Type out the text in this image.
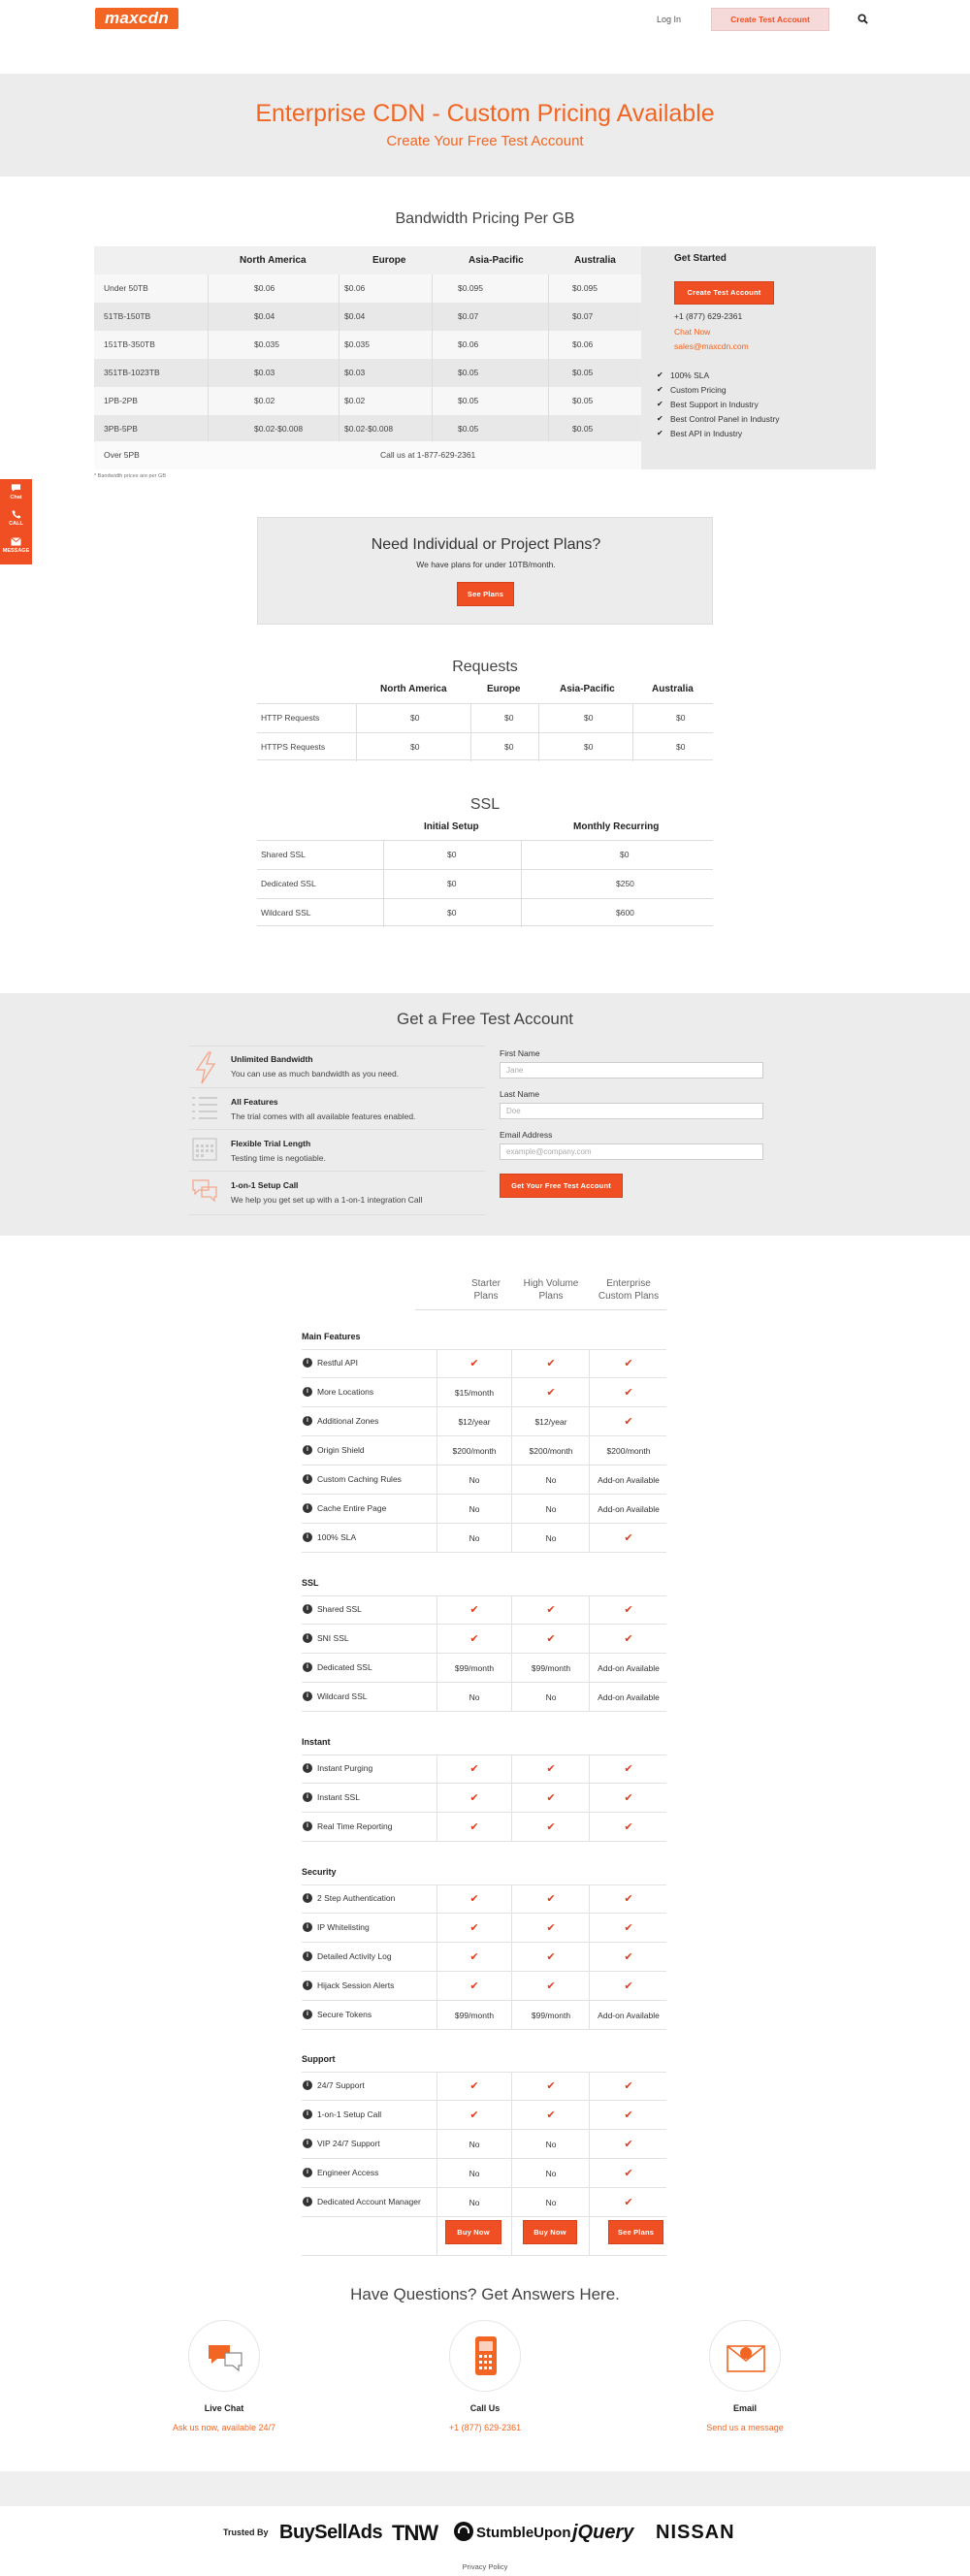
maxcdn	Log In	Create Test Account
Enterprise CDN - Custom Pricing Available
Create Your Free Test Account
Bandwidth Pricing Per GB
North America	Europe	Asia-Pacific	Australia
Under 50TB	$0.06	$0.06	$0.095	$0.095
51TB-150TB	$0.04	$0.04	$0.07	$0.07
151TB-350TB	$0.035	$0.035	$0.06	$0.06
351TB-1023TB	$0.03	$0.03	$0.05	$0.05
1PB-2PB	$0.02	$0.02	$0.05	$0.05
3PB-5PB	$0.02-$0.008	$0.02-$0.008	$0.05	$0.05
Over 5PB	Call us at 1-877-629-2361
Get Started
Create Test Account
+1 (877) 629-2361
Chat Now
sales@maxcdn.com
✔ 100% SLA
✔ Custom Pricing
✔ Best Support in Industry
✔ Best Control Panel in Industry
✔ Best API in Industry
* Bandwidth prices are per GB
Chat
CALL
MESSAGE	Need Individual or Project Plans?
We have plans for under 10TB/month.
See Plans
Requests
North America	Europe	Asia-Pacific	Australia
HTTP Requests	$0	$0	$0	$0
HTTPS Requests	$0	$0	$0	$0
SSL
Initial Setup	Monthly Recurring
Shared SSL	$0	$0
Dedicated SSL	$0	$250
Wildcard SSL	$0	$600
Get a Free Test Account
Unlimited Bandwidth
You can use as much bandwidth as you need.
All Features
The trial comes with all available features enabled.
Flexible Trial Length
Testing time is negotiable.
1-on-1 Setup Call
We help you get set up with a 1-on-1 integration Call
First Name
Jane
Last Name
Doe
Email Address
example@company.com
Get Your Free Test Account
Starter
Plans
High Volume
Plans
Enterprise
Custom Plans
Main Features
i	Restful API	✔	✔	✔
i	More Locations	$15/month	✔	✔
i	Additional Zones	$12/year	$12/year	✔
i	Origin Shield	$200/month	$200/month	$200/month
i	Custom Caching Rules	No	No	Add-on Available
i	Cache Entire Page	No	No	Add-on Available
i	100% SLA	No	No	✔
SSL
i	Shared SSL	✔	✔	✔
i	SNI SSL	✔	✔	✔
i	Dedicated SSL	$99/month	$99/month	Add-on Available
i	Wildcard SSL	No	No	Add-on Available
Instant
i	Instant Purging	✔	✔	✔
i	Instant SSL	✔	✔	✔
i	Real Time Reporting	✔	✔	✔
Security
i	2 Step Authentication	✔	✔	✔
i	IP Whitelisting	✔	✔	✔
i	Detailed Activity Log	✔	✔	✔
i	Hijack Session Alerts	✔	✔	✔
i	Secure Tokens	$99/month	$99/month	Add-on Available
Support
i	24/7 Support	✔	✔	✔
i	1-on-1 Setup Call	✔	✔	✔
i	VIP 24/7 Support	No	No	✔
i	Engineer Access	No	No	✔
i	Dedicated Account Manager	No	No	✔
Buy Now	Buy Now	See Plans
Have Questions? Get Answers Here.
Live Chat
Ask us now, available 24/7
Call Us
+1 (877) 629-2361
Email
Send us a message
Trusted By BuySellAds TNW	StumbleUpon jQuery NISSAN
Privacy Policy
